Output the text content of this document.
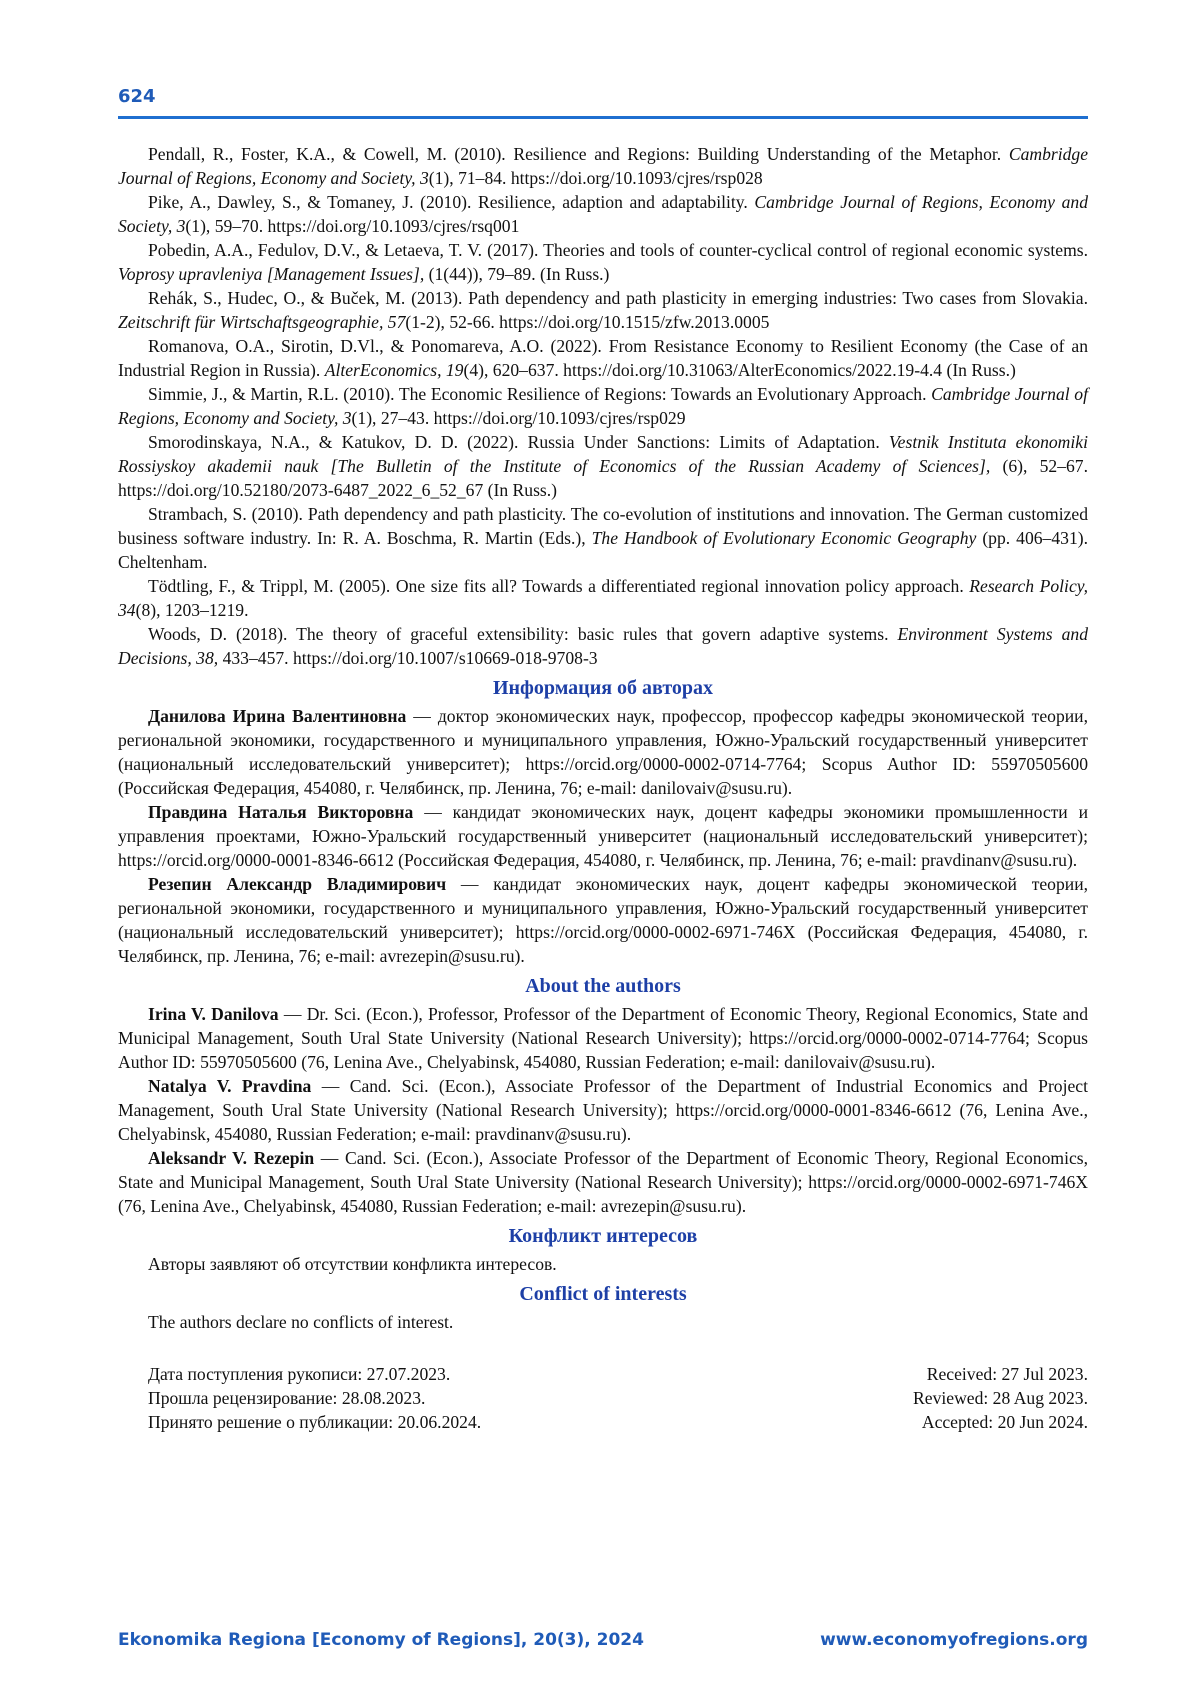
624

Pendall, R., Foster, K.A., & Cowell, M. (2010). Resilience and Regions: Building Understanding of the Metaphor. Cambridge Journal of Regions, Economy and Society, 3(1), 71–84. https://doi.org/10.1093/cjres/rsp028

Pike, A., Dawley, S., & Tomaney, J. (2010). Resilience, adaption and adaptability. Cambridge Journal of Regions, Economy and Society, 3(1), 59–70. https://doi.org/10.1093/cjres/rsq001

Pobedin, A.A., Fedulov, D.V., & Letaeva, T. V. (2017). Theories and tools of counter-cyclical control of regional economic systems. Voprosy upravleniya [Management Issues], (1(44)), 79–89. (In Russ.)

Rehák, S., Hudec, O., & Buček, M. (2013). Path dependency and path plasticity in emerging industries: Two cases from Slovakia. Zeitschrift für Wirtschaftsgeographie, 57(1-2), 52-66. https://doi.org/10.1515/zfw.2013.0005

Romanova, O.A., Sirotin, D.Vl., & Ponomareva, A.O. (2022). From Resistance Economy to Resilient Economy (the Case of an Industrial Region in Russia). AlterEconomics, 19(4), 620–637. https://doi.org/10.31063/AlterEconomics/2022.19-4.4 (In Russ.)

Simmie, J., & Martin, R.L. (2010). The Economic Resilience of Regions: Towards an Evolutionary Approach. Cambridge Journal of Regions, Economy and Society, 3(1), 27–43. https://doi.org/10.1093/cjres/rsp029

Smorodinskaya, N.A., & Katukov, D. D. (2022). Russia Under Sanctions: Limits of Adaptation. Vestnik Instituta ekonomiki Rossiyskoy akademii nauk [The Bulletin of the Institute of Economics of the Russian Academy of Sciences], (6), 52–67. https://doi.org/10.52180/2073-6487_2022_6_52_67 (In Russ.)

Strambach, S. (2010). Path dependency and path plasticity. The co-evolution of institutions and innovation. The German customized business software industry. In: R. A. Boschma, R. Martin (Eds.), The Handbook of Evolutionary Economic Geography (pp. 406–431). Cheltenham.

Tödtling, F., & Trippl, M. (2005). One size fits all? Towards a differentiated regional innovation policy approach. Research Policy, 34(8), 1203–1219.

Woods, D. (2018). The theory of graceful extensibility: basic rules that govern adaptive systems. Environment Systems and Decisions, 38, 433–457. https://doi.org/10.1007/s10669-018-9708-3

Информация об авторах

Данилова Ирина Валентиновна — доктор экономических наук, профессор, профессор кафедры экономической теории, региональной экономики, государственного и муниципального управления, Южно-Уральский государственный университет (национальный исследовательский университет); https://orcid.org/0000-0002-0714-7764; Scopus Author ID: 55970505600 (Российская Федерация, 454080, г. Челябинск, пр. Ленина, 76; e-mail: danilovaiv@susu.ru).

Правдина Наталья Викторовна — кандидат экономических наук, доцент кафедры экономики промышленности и управления проектами, Южно-Уральский государственный университет (национальный исследовательский университет); https://orcid.org/0000-0001-8346-6612 (Российская Федерация, 454080, г. Челябинск, пр. Ленина, 76; e-mail: pravdinanv@susu.ru).

Резепин Александр Владимирович — кандидат экономических наук, доцент кафедры экономической теории, региональной экономики, государственного и муниципального управления, Южно-Уральский государственный университет (национальный исследовательский университет); https://orcid.org/0000-0002-6971-746X (Российская Федерация, 454080, г. Челябинск, пр. Ленина, 76; e-mail: avrezepin@susu.ru).

About the authors

Irina V. Danilova — Dr. Sci. (Econ.), Professor, Professor of the Department of Economic Theory, Regional Economics, State and Municipal Management, South Ural State University (National Research University); https://orcid.org/0000-0002-0714-7764; Scopus Author ID: 55970505600 (76, Lenina Ave., Chelyabinsk, 454080, Russian Federation; e-mail: danilovaiv@susu.ru).

Natalya V. Pravdina — Cand. Sci. (Econ.), Associate Professor of the Department of Industrial Economics and Project Management, South Ural State University (National Research University); https://orcid.org/0000-0001-8346-6612 (76, Lenina Ave., Chelyabinsk, 454080, Russian Federation; e-mail: pravdinanv@susu.ru).

Aleksandr V. Rezepin — Cand. Sci. (Econ.), Associate Professor of the Department of Economic Theory, Regional Economics, State and Municipal Management, South Ural State University (National Research University); https://orcid.org/0000-0002-6971-746X (76, Lenina Ave., Chelyabinsk, 454080, Russian Federation; e-mail: avrezepin@susu.ru).

Конфликт интересов

Авторы заявляют об отсутствии конфликта интересов.

Conflict of interests

The authors declare no conflicts of interest.

Дата поступления рукописи: 27.07.2023.
Прошла рецензирование: 28.08.2023.
Принято решение о публикации: 20.06.2024.
Received: 27 Jul 2023.
Reviewed: 28 Aug 2023.
Accepted: 20 Jun 2024.
Ekonomika Regiona [Economy of Regions], 20(3), 2024	www.economyofregions.org
